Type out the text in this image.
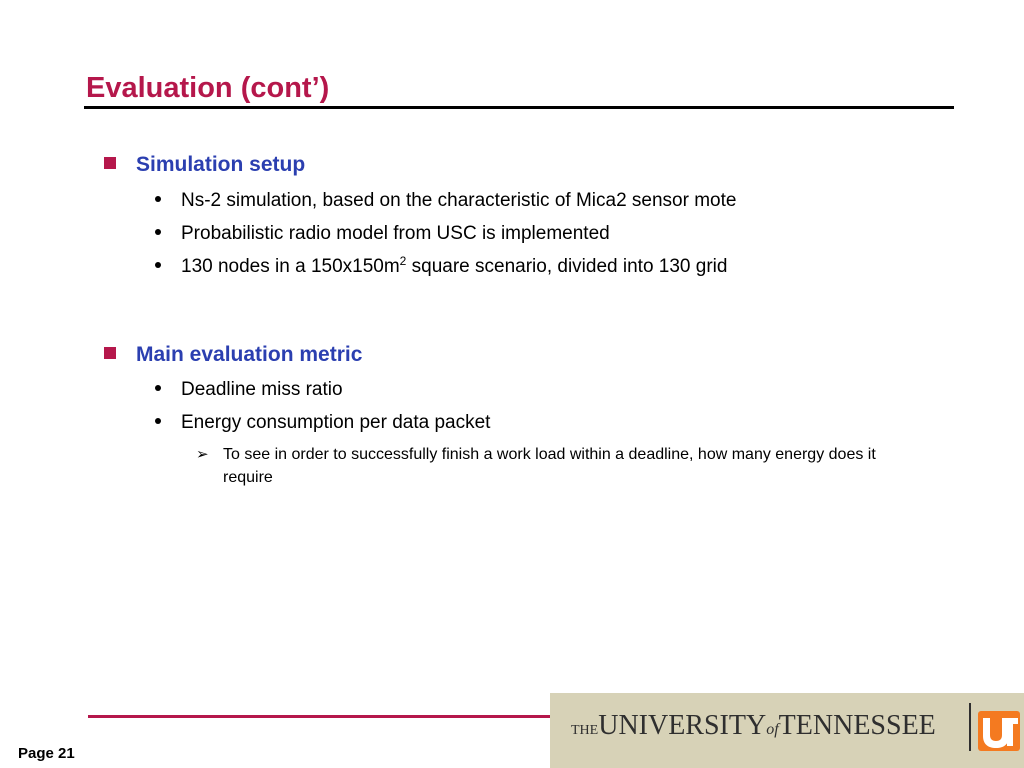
Evaluation (cont’)
Simulation setup
Ns-2 simulation, based on the characteristic of Mica2 sensor mote
Probabilistic radio model from USC is implemented
130 nodes in a $150x150m^2$ square scenario, divided into 130 grid
Main evaluation metric
Deadline miss ratio
Energy consumption per data packet
➢ To see in order to successfully finish a work load within a deadline, how many energy does it require
Page 21
THEUNIVERSITYofTENNESSEE
